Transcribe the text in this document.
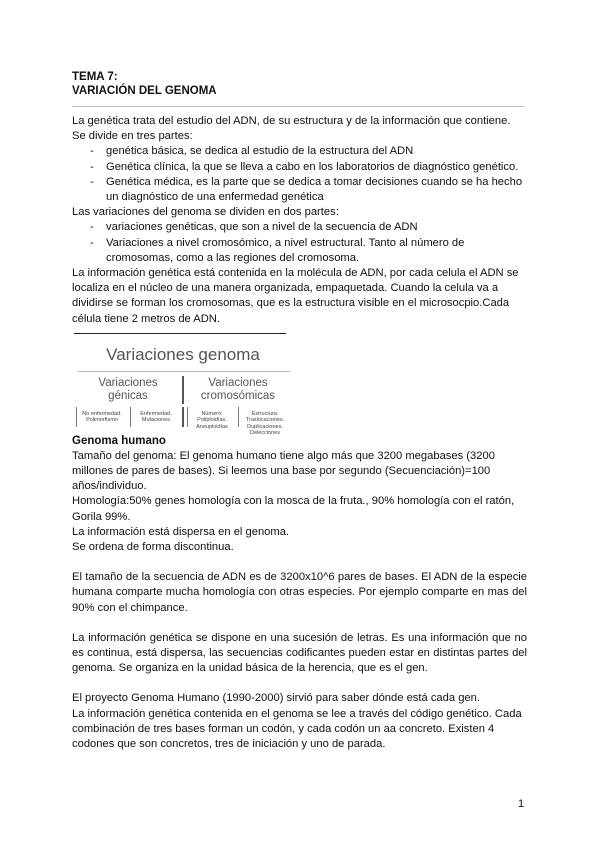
TEMA 7:

VARIACIÓN DEL GENOMA

La genética trata del estudio del ADN, de su estructura y de la información que contiene.

Se divide en tres partes:

- genética básica, se dedica al estudio de la estructura del ADN
- Genética clínica, la que se lleva a cabo en los laboratorios de diagnóstico genético.
- Genética médica, es la parte que se dedica a tomar decisiones cuando se ha hecho un diagnóstico de una enfermedad genética

Las variaciones del genoma se dividen en dos partes:

- variaciones genéticas, que son a nivel de la secuencia de ADN
- Variaciones a nivel cromosómico, a nivel estructural. Tanto al número de cromosomas, como a las regiones del cromosoma.

La información genética está contenida en la molécula de ADN, por cada celula el ADN se localiza en el núcleo de una manera organizada, empaquetada. Cuando la celula va a dividirse se forman los cromosomas, que es la estructura visible en el microsocpio.Cada célula tiene 2 metros de ADN.

Variaciones genoma
Variaciones génicas
Variaciones cromosómicas
No enfermedad. Polimorfismo
Enfermedad. Mutaciones
Número: Poliploidías. Aneuploidías
Estructura: Traslocaciones. Duplicaciones. Delecciones

Genoma humano

Tamaño del genoma: El genoma humano tiene algo más que 3200 megabases (3200 millones de pares de bases). Si leemos una base por segundo (Secuenciación)=100 años/individuo.

Homología:50% genes homología con la mosca de la fruta., 90% homología con el ratón, Gorila 99%.

La información está dispersa en el genoma.

Se ordena de forma discontinua.

El tamaño de la secuencia de ADN es de 3200x10^6 pares de bases. El ADN de la especie humana comparte mucha homología con otras especies. Por ejemplo comparte en mas del 90% con el chimpance.

La información genética se dispone en una sucesión de letras. Es una información que no es continua, está dispersa, las secuencias codificantes pueden estar en distintas partes del genoma. Se organiza en la unidad básica de la herencia, que es el gen.

El proyecto Genoma Humano (1990-2000) sirvió para saber dónde está cada gen.

La información genética contenida en el genoma se lee a través del código genético. Cada combinación de tres bases forman un codón, y cada codón un aa concreto. Existen 4 codones que son concretos, tres de iniciación y uno de parada.

1
